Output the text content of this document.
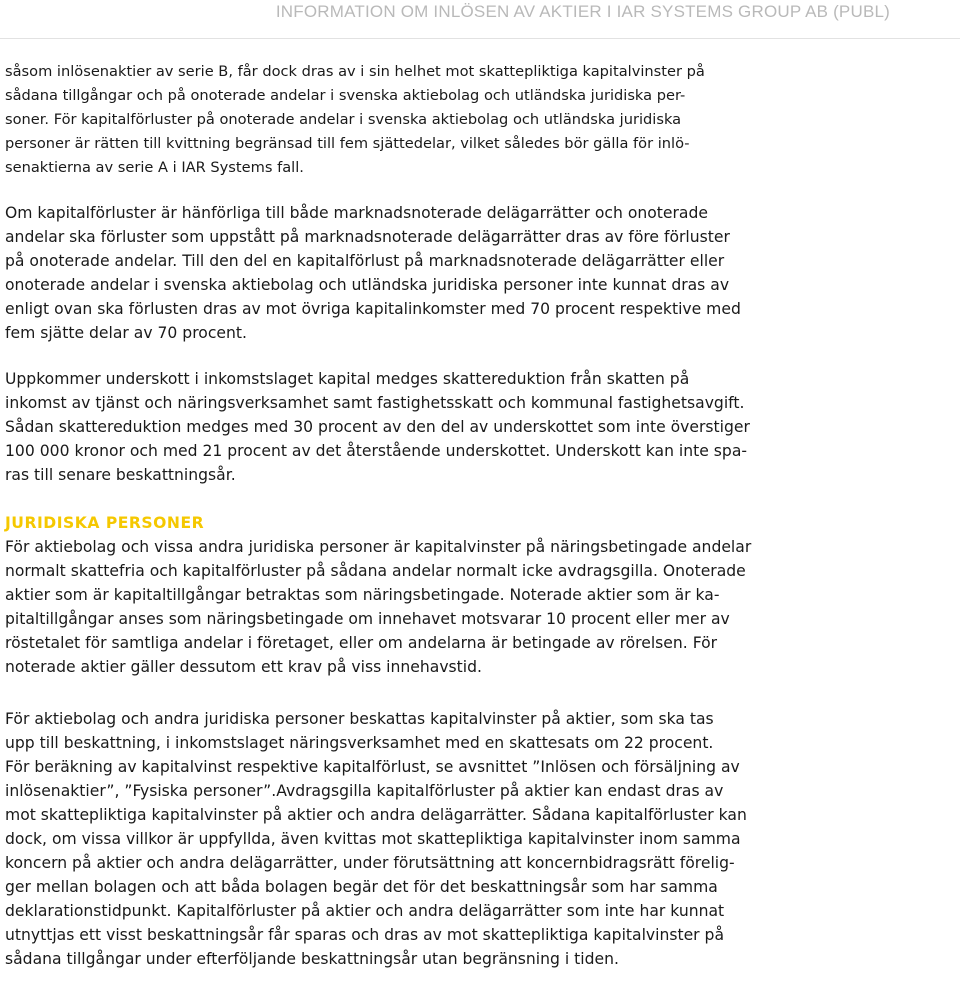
INFORMATION OM INLÖSEN AV AKTIER I IAR SYSTEMS GROUP AB (PUBL)
såsom inlösenaktier av serie B, får dock dras av i sin helhet mot skattepliktiga kapitalvinster på
sådana tillgångar och på onoterade andelar i svenska aktiebolag och utländska juridiska per-
soner. För kapitalförluster på onoterade andelar i svenska aktiebolag och utländska juridiska
personer är rätten till kvittning begränsad till fem sjättedelar, vilket således bör gälla för inlö-
senaktierna av serie A i IAR Systems fall.
Om kapitalförluster är hänförliga till både marknadsnoterade delägarrätter och onoterade
andelar ska förluster som uppstått på marknadsnoterade delägarrätter dras av före förluster
på onoterade andelar. Till den del en kapitalförlust på marknadsnoterade delägarrätter eller
onoterade andelar i svenska aktiebolag och utländska juridiska personer inte kunnat dras av
enligt ovan ska förlusten dras av mot övriga kapitalinkomster med 70 procent respektive med
fem sjätte delar av 70 procent.
Uppkommer underskott i inkomstslaget kapital medges skattereduktion från skatten på
inkomst av tjänst och näringsverksamhet samt fastighetsskatt och kommunal fastighetsavgift.
Sådan skattereduktion medges med 30 procent av den del av underskottet som inte överstiger
100 000 kronor och med 21 procent av det återstående underskottet. Underskott kan inte spa-
ras till senare beskattningsår.
JURIDISKA PERSONER
För aktiebolag och vissa andra juridiska personer är kapitalvinster på näringsbetingade andelar
normalt skattefria och kapitalförluster på sådana andelar normalt icke avdragsgilla. Onoterade
aktier som är kapitaltillgångar betraktas som näringsbetingade. Noterade aktier som är ka-
pitaltillgångar anses som näringsbetingade om innehavet motsvarar 10 procent eller mer av
röstetalet för samtliga andelar i företaget, eller om andelarna är betingade av rörelsen. För
noterade aktier gäller dessutom ett krav på viss innehavstid.
För aktiebolag och andra juridiska personer beskattas kapitalvinster på aktier, som ska tas
upp till beskattning, i inkomstslaget näringsverksamhet med en skattesats om 22 procent.
För beräkning av kapitalvinst respektive kapitalförlust, se avsnittet ”Inlösen och försäljning av
inlösenaktier”, ”Fysiska personer”.Avdragsgilla kapitalförluster på aktier kan endast dras av
mot skattepliktiga kapitalvinster på aktier och andra delägarrätter. Sådana kapitalförluster kan
dock, om vissa villkor är uppfyllda, även kvittas mot skattepliktiga kapitalvinster inom samma
koncern på aktier och andra delägarrätter, under förutsättning att koncernbidragsrätt förelig-
ger mellan bolagen och att båda bolagen begär det för det beskattningsår som har samma
deklarationstidpunkt. Kapitalförluster på aktier och andra delägarrätter som inte har kunnat
utnyttjas ett visst beskattningsår får sparas och dras av mot skattepliktiga kapitalvinster på
sådana tillgångar under efterföljande beskattningsår utan begränsning i tiden.
